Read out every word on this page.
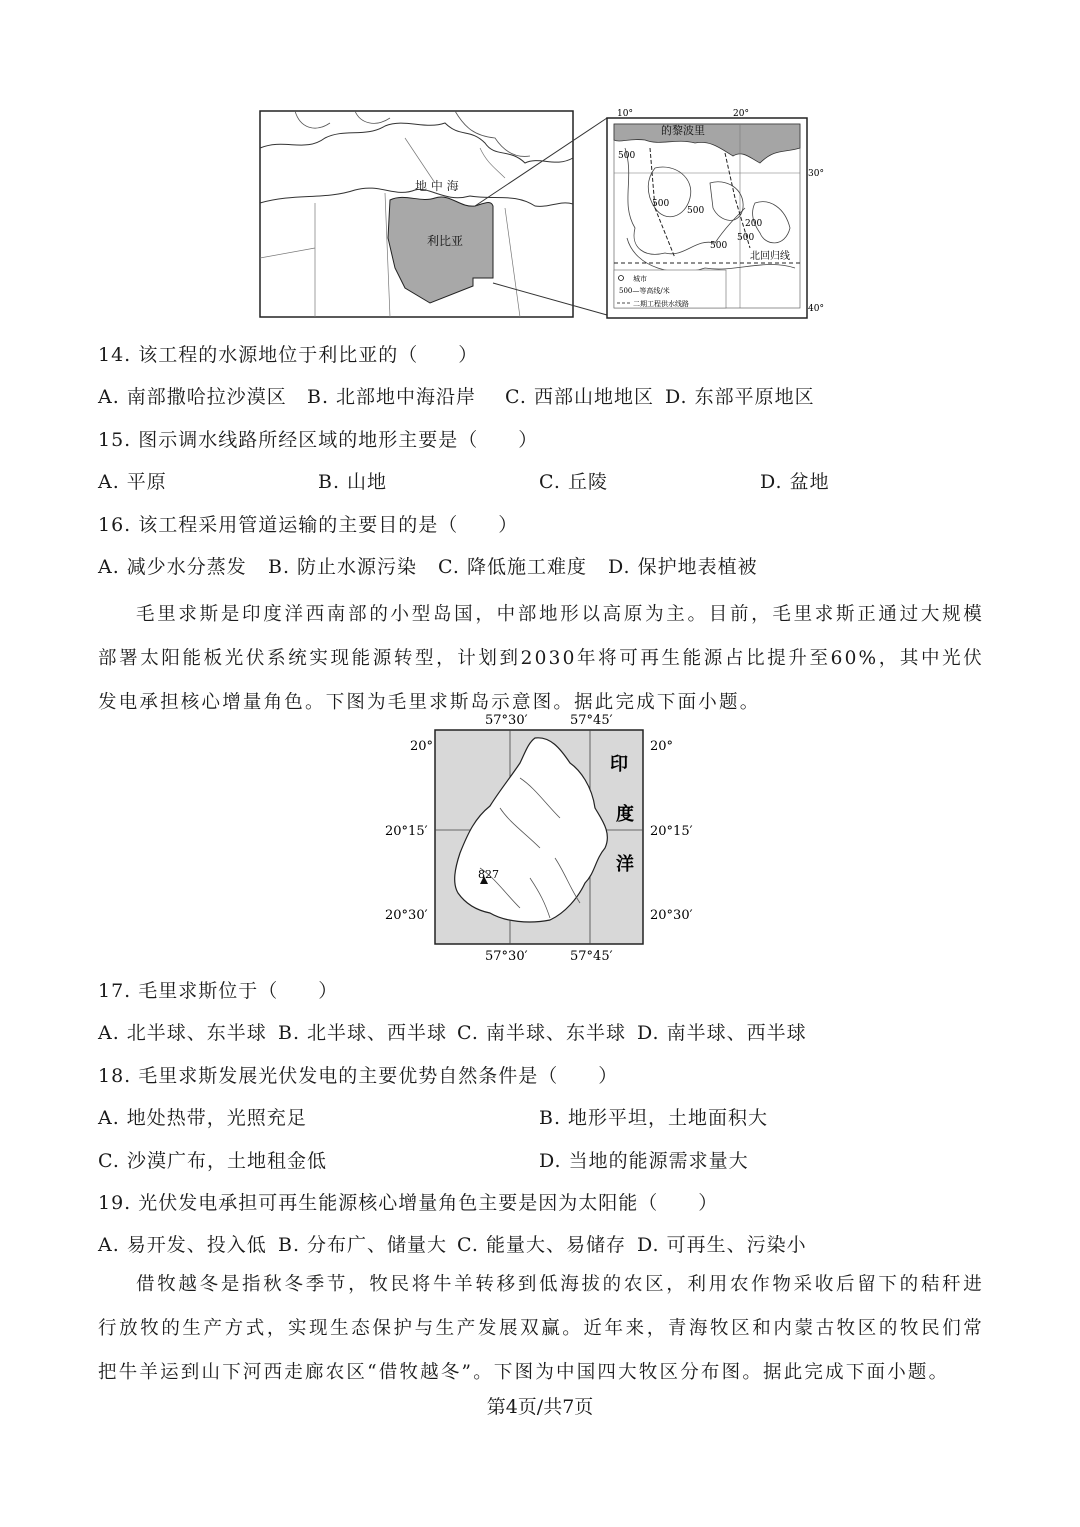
地 中 海
利比亚
的黎波里
10°	20°
30°
40°
500
500
500
200
500
500
北回归线
城市
500—等高线/米
二期工程供水线路
14. 该工程的水源地位于利比亚的（　　）
A. 南部撒哈拉沙漠区 B. 北部地中海沿岸 C. 西部山地地区 D. 东部平原地区
15. 图示调水线路所经区域的地形主要是（　　）
A. 平原	B. 山地	C. 丘陵	D. 盆地
16. 该工程采用管道运输的主要目的是（　　）
A. 减少水分蒸发 B. 防止水源污染 C. 降低施工难度 D. 保护地表植被
毛里求斯是印度洋西南部的小型岛国，中部地形以高原为主。目前，毛里求斯正通过大规模部署太阳能板光伏系统实现能源转型，计划到2030年将可再生能源占比提升至60%，其中光伏发电承担核心增量角色。下图为毛里求斯岛示意图。据此完成下面小题。
827
57°30′	57°45′
57°30′	57°45′
20°
20°15′
20°30′
20°
20°15′
20°30′
印
度
洋
17. 毛里求斯位于（　　）
A. 北半球、东半球 B. 北半球、西半球 C. 南半球、东半球 D. 南半球、西半球
18. 毛里求斯发展光伏发电的主要优势自然条件是（　　）
A. 地处热带，光照充足	B. 地形平坦，土地面积大
C. 沙漠广布，土地租金低	D. 当地的能源需求量大
19. 光伏发电承担可再生能源核心增量角色主要是因为太阳能（　　）
A. 易开发、投入低 B. 分布广、储量大 C. 能量大、易储存 D. 可再生、污染小
借牧越冬是指秋冬季节，牧民将牛羊转移到低海拔的农区，利用农作物采收后留下的秸秆进行放牧的生产方式，实现生态保护与生产发展双赢。近年来，青海牧区和内蒙古牧区的牧民们常把牛羊运到山下河西走廊农区“借牧越冬”。下图为中国四大牧区分布图。据此完成下面小题。
第4页/共7页
